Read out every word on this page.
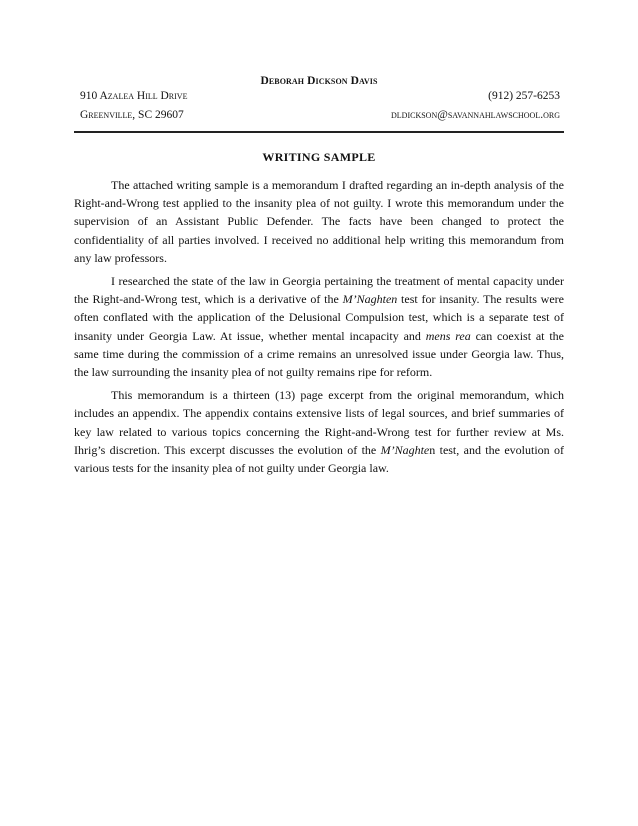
Deborah Dickson Davis
910 Azalea Hill Drive	(912) 257-6253
Greenville, SC 29607	dldickson@savannahlawschool.org
WRITING SAMPLE

The attached writing sample is a memorandum I drafted regarding an in-depth analysis of the Right-and-Wrong test applied to the insanity plea of not guilty. I wrote this memorandum under the supervision of an Assistant Public Defender. The facts have been changed to protect the confidentiality of all parties involved. I received no additional help writing this memorandum from any law professors.

I researched the state of the law in Georgia pertaining the treatment of mental capacity under the Right-and-Wrong test, which is a derivative of the M’Naghten test for insanity. The results were often conflated with the application of the Delusional Compulsion test, which is a separate test of insanity under Georgia Law. At issue, whether mental incapacity and mens rea can coexist at the same time during the commission of a crime remains an unresolved issue under Georgia law. Thus, the law surrounding the insanity plea of not guilty remains ripe for reform.

This memorandum is a thirteen (13) page excerpt from the original memorandum, which includes an appendix. The appendix contains extensive lists of legal sources, and brief summaries of key law related to various topics concerning the Right-and-Wrong test for further review at Ms. Ihrig’s discretion. This excerpt discusses the evolution of the M’Naghten test, and the evolution of various tests for the insanity plea of not guilty under Georgia law.
